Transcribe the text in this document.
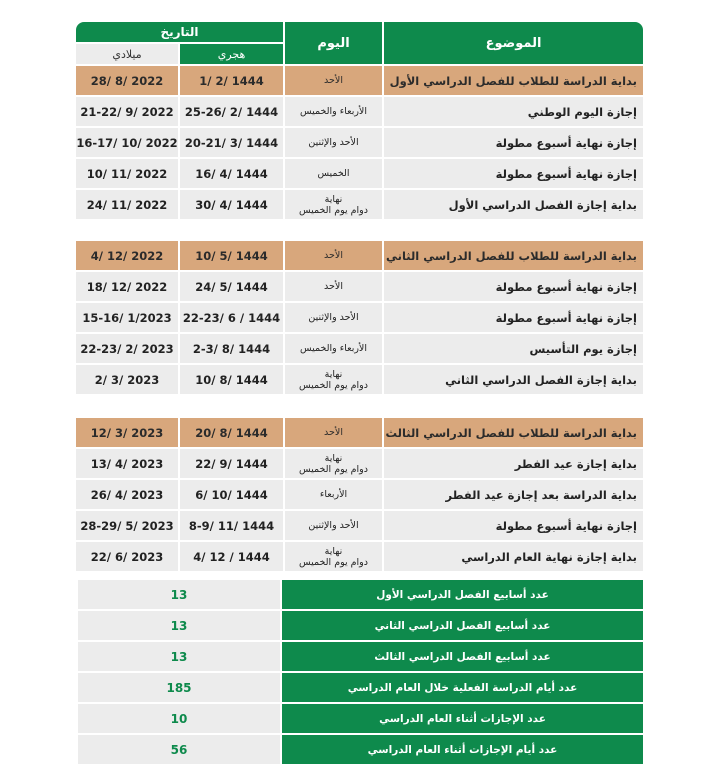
الموضوع
اليوم
التاريخ
هجري
ميلادي
بداية الدراسة للطلاب للفصل الدراسي الأول
الأحد
1/ 2/ 1444
28/ 8/ 2022
إجازة اليوم الوطني
الأربعاء والخميس
25-26/ 2/ 1444
21-22/ 9/ 2022
إجازة نهاية أسبوع مطولة
الأحد والإثنين
20-21/ 3/ 1444
16-17/ 10/ 2022
إجازة نهاية أسبوع مطولة
الخميس
16/ 4/ 1444
10/ 11/ 2022
بداية إجازة الفصل الدراسي الأول
نهاية
دوام يوم الخميس
30/ 4/ 1444
24/ 11/ 2022
بداية الدراسة للطلاب للفصل الدراسي الثاني
الأحد
10/ 5/ 1444
4/ 12/ 2022
إجازة نهاية أسبوع مطولة
الأحد
24/ 5/ 1444
18/ 12/ 2022
إجازة نهاية أسبوع مطولة
الأحد والإثنين
22-23/ 6 / 1444
15-16/ 1/2023
إجازة يوم التأسيس
الأربعاء والخميس
2-3/ 8/ 1444
22-23/ 2/ 2023
بداية إجازة الفصل الدراسي الثاني
نهاية
دوام يوم الخميس
10/ 8/ 1444
2/ 3/ 2023
بداية الدراسة للطلاب للفصل الدراسي الثالث
الأحد
20/ 8/ 1444
12/ 3/ 2023
بداية إجازة عيد الفطر
نهاية
دوام يوم الخميس
22/ 9/ 1444
13/ 4/ 2023
بداية الدراسة بعد إجازة عيد الفطر
الأربعاء
6/ 10/ 1444
26/ 4/ 2023
إجازة نهاية أسبوع مطولة
الأحد والإثنين
8-9/ 11/ 1444
28-29/ 5/ 2023
بداية إجازة نهاية العام الدراسي
نهاية
دوام يوم الخميس
4/ 12 / 1444
22/ 6/ 2023
عدد أسابيع الفصل الدراسي الأول
13
عدد أسابيع الفصل الدراسي الثاني
13
عدد أسابيع الفصل الدراسي الثالث
13
عدد أيام الدراسة الفعلية خلال العام الدراسي
185
عدد الإجازات أثناء العام الدراسي
10
عدد أيام الإجازات أثناء العام الدراسي
56
